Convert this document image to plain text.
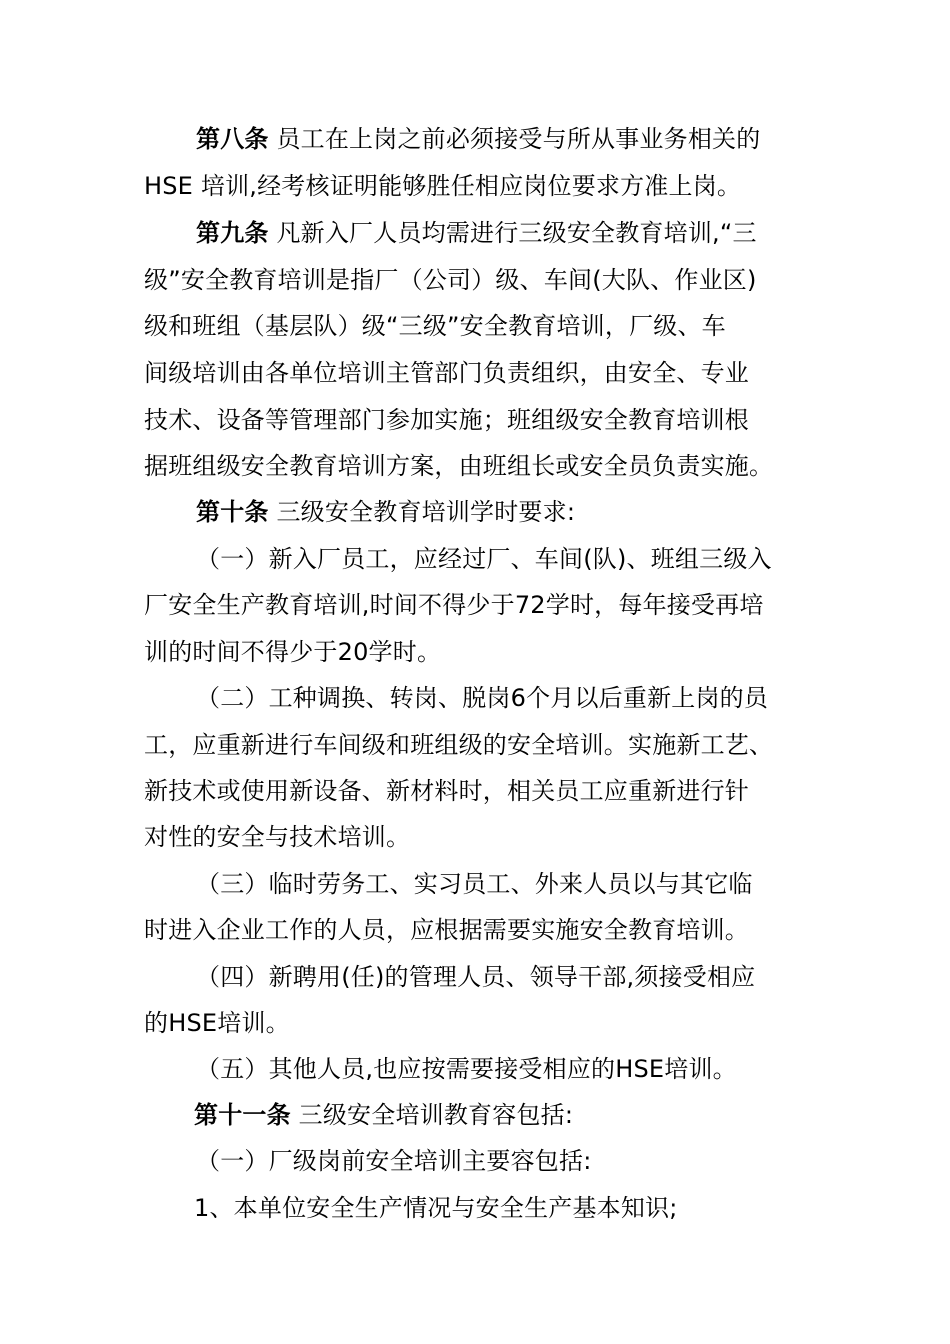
第八条 员工在上岗之前必须接受与所从事业务相关的
HSE 培训,经考核证明能够胜任相应岗位要求方准上岗。
第九条 凡新入厂人员均需进行三级安全教育培训,“三
级”安全教育培训是指厂（公司）级、车间(大队、作业区)
级和班组（基层队）级“三级”安全教育培训，厂级、车
间级培训由各单位培训主管部门负责组织，由安全、专业
技术、设备等管理部门参加实施；班组级安全教育培训根
据班组级安全教育培训方案，由班组长或安全员负责实施。
第十条 三级安全教育培训学时要求:
（一）新入厂员工，应经过厂、车间(队)、班组三级入
厂安全生产教育培训,时间不得少于72学时，每年接受再培
训的时间不得少于20学时。
（二）工种调换、转岗、脱岗6个月以后重新上岗的员
工，应重新进行车间级和班组级的安全培训。实施新工艺、
新技术或使用新设备、新材料时，相关员工应重新进行针
对性的安全与技术培训。
（三）临时劳务工、实习员工、外来人员以与其它临
时进入企业工作的人员，应根据需要实施安全教育培训。
（四）新聘用(任)的管理人员、领导干部,须接受相应
的HSE培训。
（五）其他人员,也应按需要接受相应的HSE培训。
第十一条 三级安全培训教育容包括:
（一）厂级岗前安全培训主要容包括:
1、本单位安全生产情况与安全生产基本知识;
